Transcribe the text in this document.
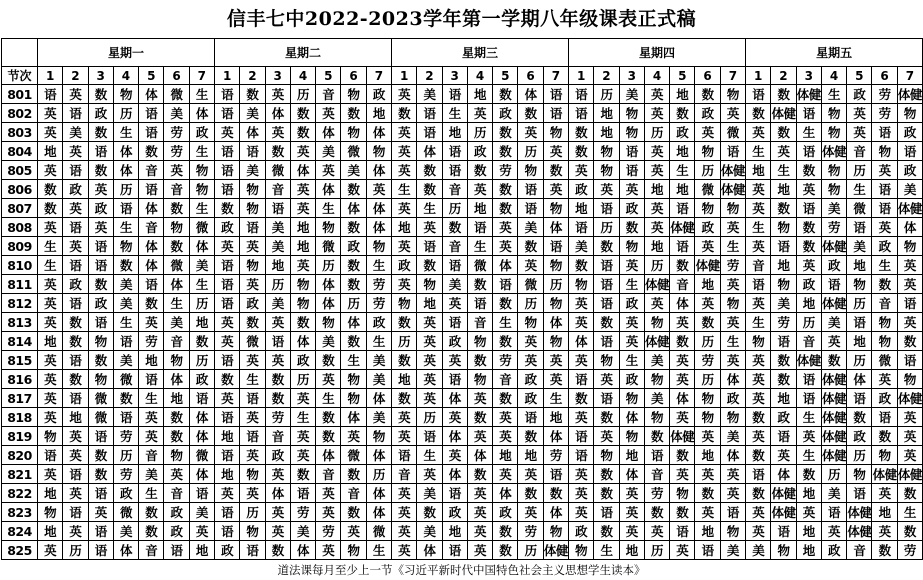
信丰七中2022-2023学年第一学期八年级课表正式稿
	星期一							星期二							星期三							星期四							星期五						
节次	1	2	3	4	5	6	7	1	2	3	4	5	6	7	1	2	3	4	5	6	7	1	2	3	4	5	6	7	1	2	3	4	5	6	7
801	语	英	数	物	体	微	生	语	数	英	历	音	物	政	英	美	语	地	数	体	语	语	历	美	英	地	数	物	语	数	体健	生	政	劳	体健
802	英	语	政	历	语	美	体	语	美	体	数	英	数	地	数	语	生	英	政	数	语	语	地	物	英	数	政	英	数	体健	语	物	英	劳	物
803	英	美	数	生	语	劳	政	英	体	英	数	体	物	体	英	语	地	历	数	英	物	数	地	物	历	政	英	微	英	数	生	物	英	语	政
804	地	英	语	体	数	劳	生	语	语	数	英	美	微	物	英	体	语	政	数	历	英	数	物	语	英	地	物	语	生	英	语	体健	音	物	语
805	英	语	数	体	音	英	物	语	美	微	体	英	美	体	英	数	语	数	劳	物	数	英	物	语	英	生	历	体健	地	生	数	物	历	英	政
806	数	政	英	历	语	音	物	语	物	音	英	体	数	英	生	数	音	英	数	语	英	政	英	英	地	地	微	体健	英	地	英	物	生	语	美
807	数	英	政	语	体	数	生	数	物	语	英	生	体	体	英	生	历	地	数	语	物	地	语	政	英	语	物	物	英	数	语	美	微	语	体健
808	英	语	英	生	音	物	微	政	语	美	地	物	数	体	地	英	数	语	英	美	体	语	历	数	英	体健	政	英	生	物	数	劳	语	英	体
809	生	英	语	物	体	数	体	英	英	美	地	微	政	物	英	语	音	生	英	数	语	美	数	物	地	语	英	生	英	语	数	体健	美	政	物
810	生	语	语	数	体	微	美	语	物	地	英	历	数	生	政	数	语	微	体	英	物	数	语	英	历	数	体健	劳	音	地	英	政	地	生	英
811	英	政	数	美	语	体	生	语	英	历	物	体	数	劳	英	物	美	数	语	微	历	物	语	生	体健	音	地	英	语	物	政	语	物	数	英
812	英	语	政	美	数	生	历	语	政	美	物	体	历	劳	物	地	英	语	数	历	物	英	语	政	英	体	英	物	英	美	地	体健	历	音	语
813	英	数	语	生	英	美	地	英	数	英	数	物	体	政	数	英	语	音	生	物	体	英	数	英	物	英	数	英	生	劳	历	美	语	物	英
814	地	数	物	语	劳	音	数	英	微	语	体	美	数	生	历	英	政	物	数	英	物	体	语	英	体健	数	历	生	物	语	音	英	地	物	数
815	英	语	数	美	地	物	历	语	英	英	政	数	生	美	数	英	英	数	劳	英	英	英	物	生	美	英	劳	英	英	数	体健	数	历	微	语
816	英	数	物	微	语	体	政	数	生	数	历	英	物	美	地	英	语	物	音	政	英	语	英	政	物	英	历	体	英	数	语	体健	体	英	物
817	英	语	微	数	生	地	语	英	语	数	英	生	物	体	数	英	体	英	数	政	生	数	语	物	美	体	物	政	英	地	语	体健	语	政	体健
818	英	地	微	语	英	数	体	语	英	劳	生	数	体	美	英	历	英	数	英	语	地	英	数	体	物	英	物	物	数	政	生	体健	数	语	英
819	物	英	语	劳	英	数	体	地	语	音	英	数	英	物	英	语	体	英	英	数	体	语	英	物	数	体健	英	美	英	语	英	体健	政	数	英
820	语	英	数	历	音	物	微	语	英	政	英	体	微	体	语	生	英	体	地	地	劳	语	物	地	语	数	地	体	数	英	生	体健	历	物	英
821	英	语	数	劳	美	英	体	地	物	英	数	音	数	历	音	英	体	数	英	英	语	英	数	体	音	英	英	英	语	体	数	历	物	体健	体健
822	地	英	语	政	生	音	语	英	英	体	语	英	音	体	英	美	语	英	体	数	数	英	数	英	劳	物	数	英	数	体健	地	美	语	英	数
823	物	语	英	微	数	政	美	语	历	英	劳	英	数	体	英	数	政	英	政	英	体	英	语	英	数	数	英	语	英	体健	英	语	体健	地	生
824	地	英	语	美	数	政	英	语	物	英	美	劳	英	微	英	美	地	英	数	劳	物	政	数	英	英	语	地	物	英	语	地	英	体健	英	数
825	英	历	语	体	音	语	地	政	语	数	体	英	物	生	英	体	语	英	数	历	体健	物	生	地	历	英	语	美	美	物	地	政	音	数	劳
道法课每月至少上一节《习近平新时代中国特色社会主义思想学生读本》
